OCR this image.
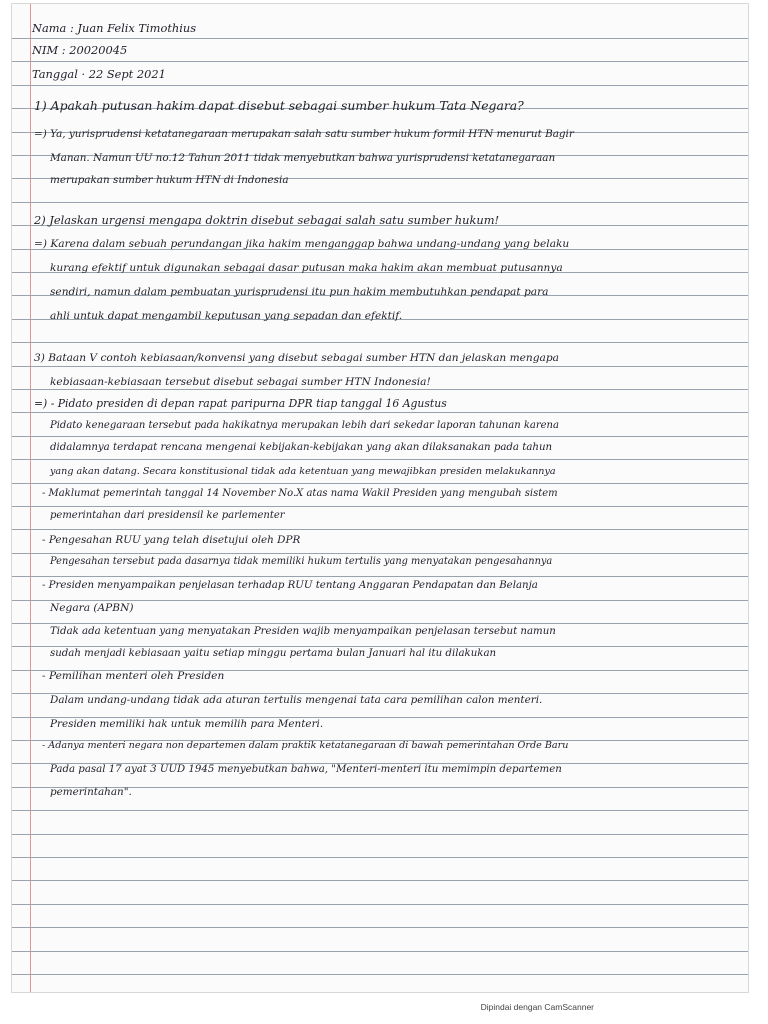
Nama : Juan Felix Timothius
NIM : 20020045
Tanggal · 22 Sept 2021
1) Apakah putusan hakim dapat disebut sebagai sumber hukum Tata Negara?
=) Ya, yurisprudensi ketatanegaraan merupakan salah satu sumber hukum formil HTN menurut Bagir
Manan. Namun UU no.12 Tahun 2011 tidak menyebutkan bahwa yurisprudensi ketatanegaraan
merupakan sumber hukum HTN di Indonesia
2) Jelaskan urgensi mengapa doktrin disebut sebagai salah satu sumber hukum!
=) Karena dalam sebuah perundangan jika hakim menganggap bahwa undang-undang yang belaku
kurang efektif untuk digunakan sebagai dasar putusan maka hakim akan membuat putusannya
sendiri, namun dalam pembuatan yurisprudensi itu pun hakim membutuhkan pendapat para
ahli untuk dapat mengambil keputusan yang sepadan dan efektif.
3) Bataan V contoh kebiasaan/konvensi yang disebut sebagai sumber HTN dan jelaskan mengapa
kebiasaan-kebiasaan tersebut disebut sebagai sumber HTN Indonesia!
=) - Pidato presiden di depan rapat paripurna DPR tiap tanggal 16 Agustus
Pidato kenegaraan tersebut pada hakikatnya merupakan lebih dari sekedar laporan tahunan karena
didalamnya terdapat rencana mengenai kebijakan-kebijakan yang akan dilaksanakan pada tahun
yang akan datang. Secara konstitusional tidak ada ketentuan yang mewajibkan presiden melakukannya
- Maklumat pemerintah tanggal 14 November No.X atas nama Wakil Presiden yang mengubah sistem
pemerintahan dari presidensil ke parlementer
- Pengesahan RUU yang telah disetujui oleh DPR
Pengesahan tersebut pada dasarnya tidak memiliki hukum tertulis yang menyatakan pengesahannya
- Presiden menyampaikan penjelasan terhadap RUU tentang Anggaran Pendapatan dan Belanja
Negara (APBN)
Tidak ada ketentuan yang menyatakan Presiden wajib menyampaikan penjelasan tersebut namun
sudah menjadi kebiasaan yaitu setiap minggu pertama bulan Januari hal itu dilakukan
- Pemilihan menteri oleh Presiden
Dalam undang-undang tidak ada aturan tertulis mengenai tata cara pemilihan calon menteri.
Presiden memiliki hak untuk memilih para Menteri.
- Adanya menteri negara non departemen dalam praktik ketatanegaraan di bawah pemerintahan Orde Baru
Pada pasal 17 ayat 3 UUD 1945 menyebutkan bahwa, "Menteri-menteri itu memimpin departemen
pemerintahan".
Dipindai dengan CamScanner
